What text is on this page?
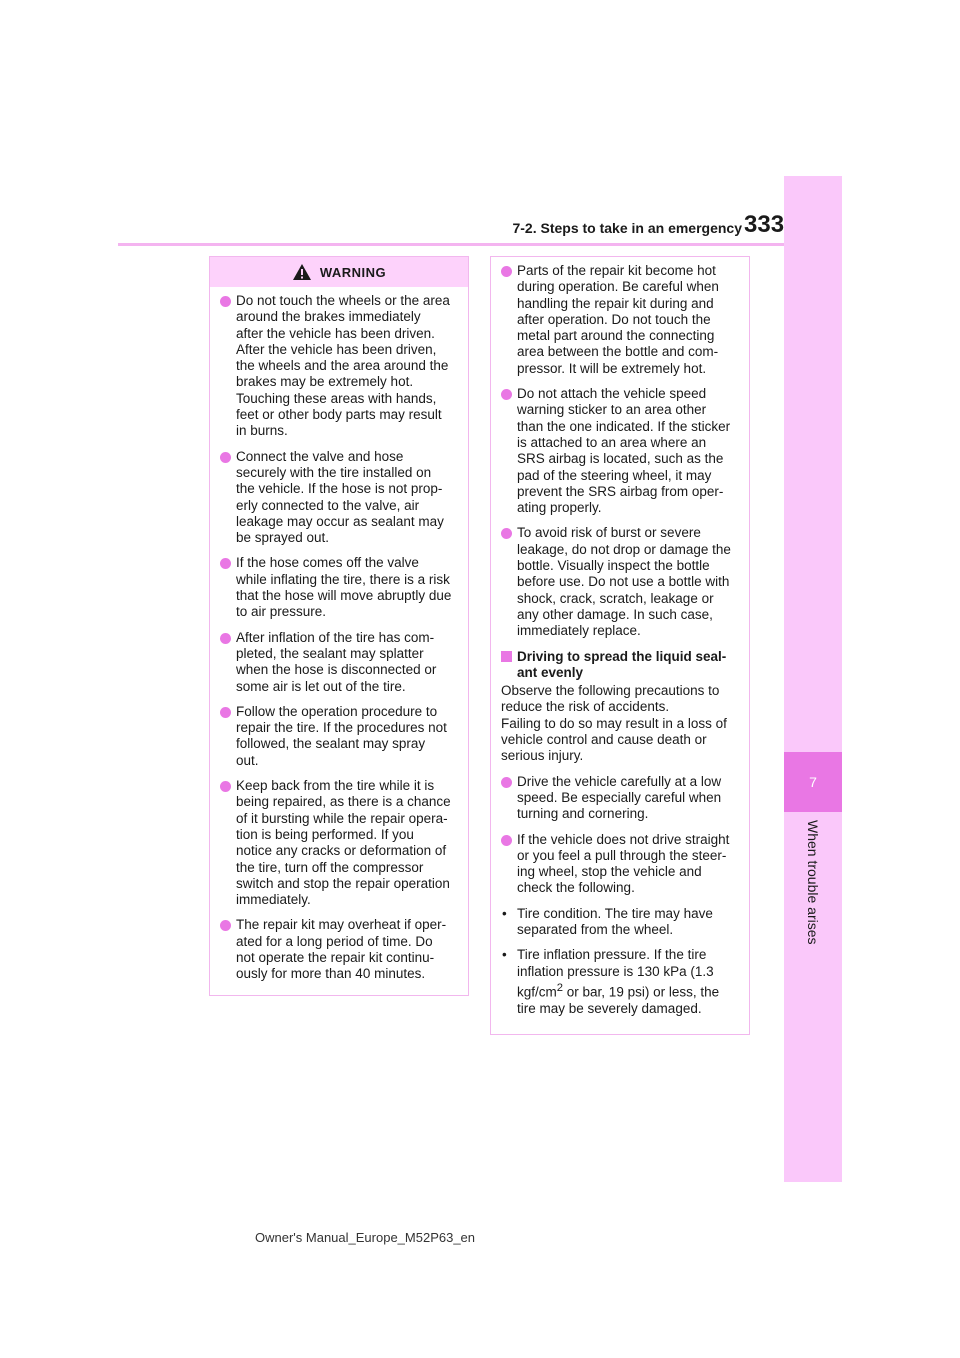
7-2. Steps to take in an emergency 333
7
When trouble arises
WARNING
Do not touch the wheels or the area
around the brakes immediately
after the vehicle has been driven.
After the vehicle has been driven,
the wheels and the area around the
brakes may be extremely hot.
Touching these areas with hands,
feet or other body parts may result
in burns.
Connect the valve and hose
securely with the tire installed on
the vehicle. If the hose is not prop-
erly connected to the valve, air
leakage may occur as sealant may
be sprayed out.
If the hose comes off the valve
while inflating the tire, there is a risk
that the hose will move abruptly due
to air pressure.
After inflation of the tire has com-
pleted, the sealant may splatter
when the hose is disconnected or
some air is let out of the tire.
Follow the operation procedure to
repair the tire. If the procedures not
followed, the sealant may spray
out.
Keep back from the tire while it is
being repaired, as there is a chance
of it bursting while the repair opera-
tion is being performed. If you
notice any cracks or deformation of
the tire, turn off the compressor
switch and stop the repair operation
immediately.
The repair kit may overheat if oper-
ated for a long period of time. Do
not operate the repair kit continu-
ously for more than 40 minutes.
Parts of the repair kit become hot
during operation. Be careful when
handling the repair kit during and
after operation. Do not touch the
metal part around the connecting
area between the bottle and com-
pressor. It will be extremely hot.
Do not attach the vehicle speed
warning sticker to an area other
than the one indicated. If the sticker
is attached to an area where an
SRS airbag is located, such as the
pad of the steering wheel, it may
prevent the SRS airbag from oper-
ating properly.
To avoid risk of burst or severe
leakage, do not drop or damage the
bottle. Visually inspect the bottle
before use. Do not use a bottle with
shock, crack, scratch, leakage or
any other damage. In such case,
immediately replace.
Driving to spread the liquid seal-
ant evenly
Observe the following precautions to
reduce the risk of accidents.
Failing to do so may result in a loss of
vehicle control and cause death or
serious injury.
Drive the vehicle carefully at a low
speed. Be especially careful when
turning and cornering.
If the vehicle does not drive straight
or you feel a pull through the steer-
ing wheel, stop the vehicle and
check the following.
• Tire condition. The tire may have
separated from the wheel.
• Tire inflation pressure. If the tire
inflation pressure is 130 kPa (1.3
kgf/$cm^2$ or bar, 19 psi) or less, the
tire may be severely damaged.
Owner's Manual_Europe_M52P63_en
